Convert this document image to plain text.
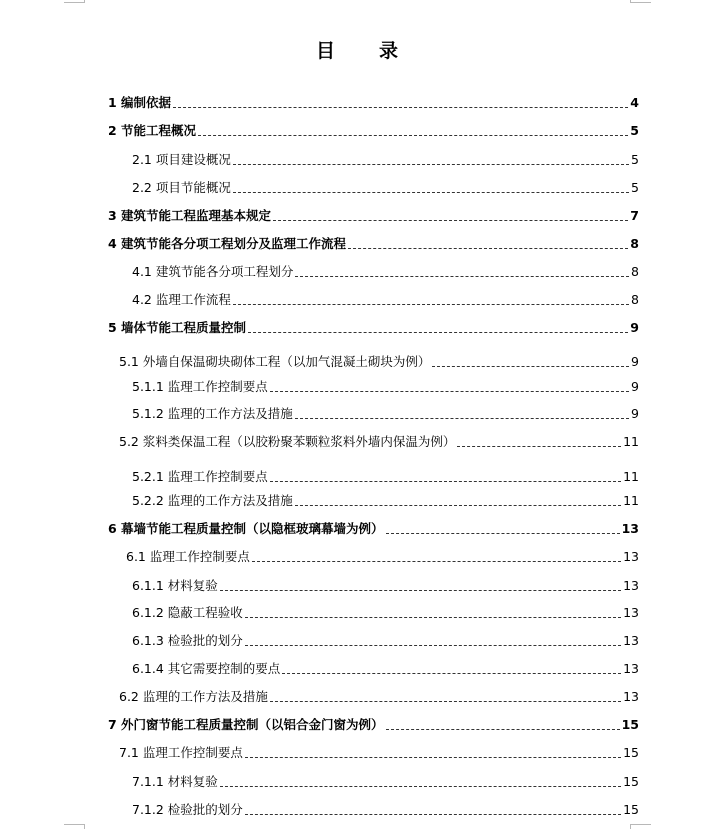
目 录
1 编制依据	4
2 节能工程概况	5
2.1 项目建设概况	5
2.2 项目节能概况	5
3 建筑节能工程监理基本规定	7
4 建筑节能各分项工程划分及监理工作流程	8
4.1 建筑节能各分项工程划分	8
4.2 监理工作流程	8
5 墙体节能工程质量控制	9
5.1 外墙自保温砌块砌体工程（以加气混凝土砌块为例）	9
5.1.1 监理工作控制要点	9
5.1.2 监理的工作方法及措施	9
5.2 浆料类保温工程（以胶粉聚苯颗粒浆料外墙内保温为例）	11
5.2.1 监理工作控制要点	11
5.2.2 监理的工作方法及措施	11
6 幕墙节能工程质量控制（以隐框玻璃幕墙为例）	13
6.1 监理工作控制要点	13
6.1.1 材料复验	13
6.1.2 隐蔽工程验收	13
6.1.3 检验批的划分	13
6.1.4 其它需要控制的要点	13
6.2 监理的工作方法及措施	13
7 外门窗节能工程质量控制（以铝合金门窗为例）	15
7.1 监理工作控制要点	15
7.1.1 材料复验	15
7.1.2 检验批的划分	15
